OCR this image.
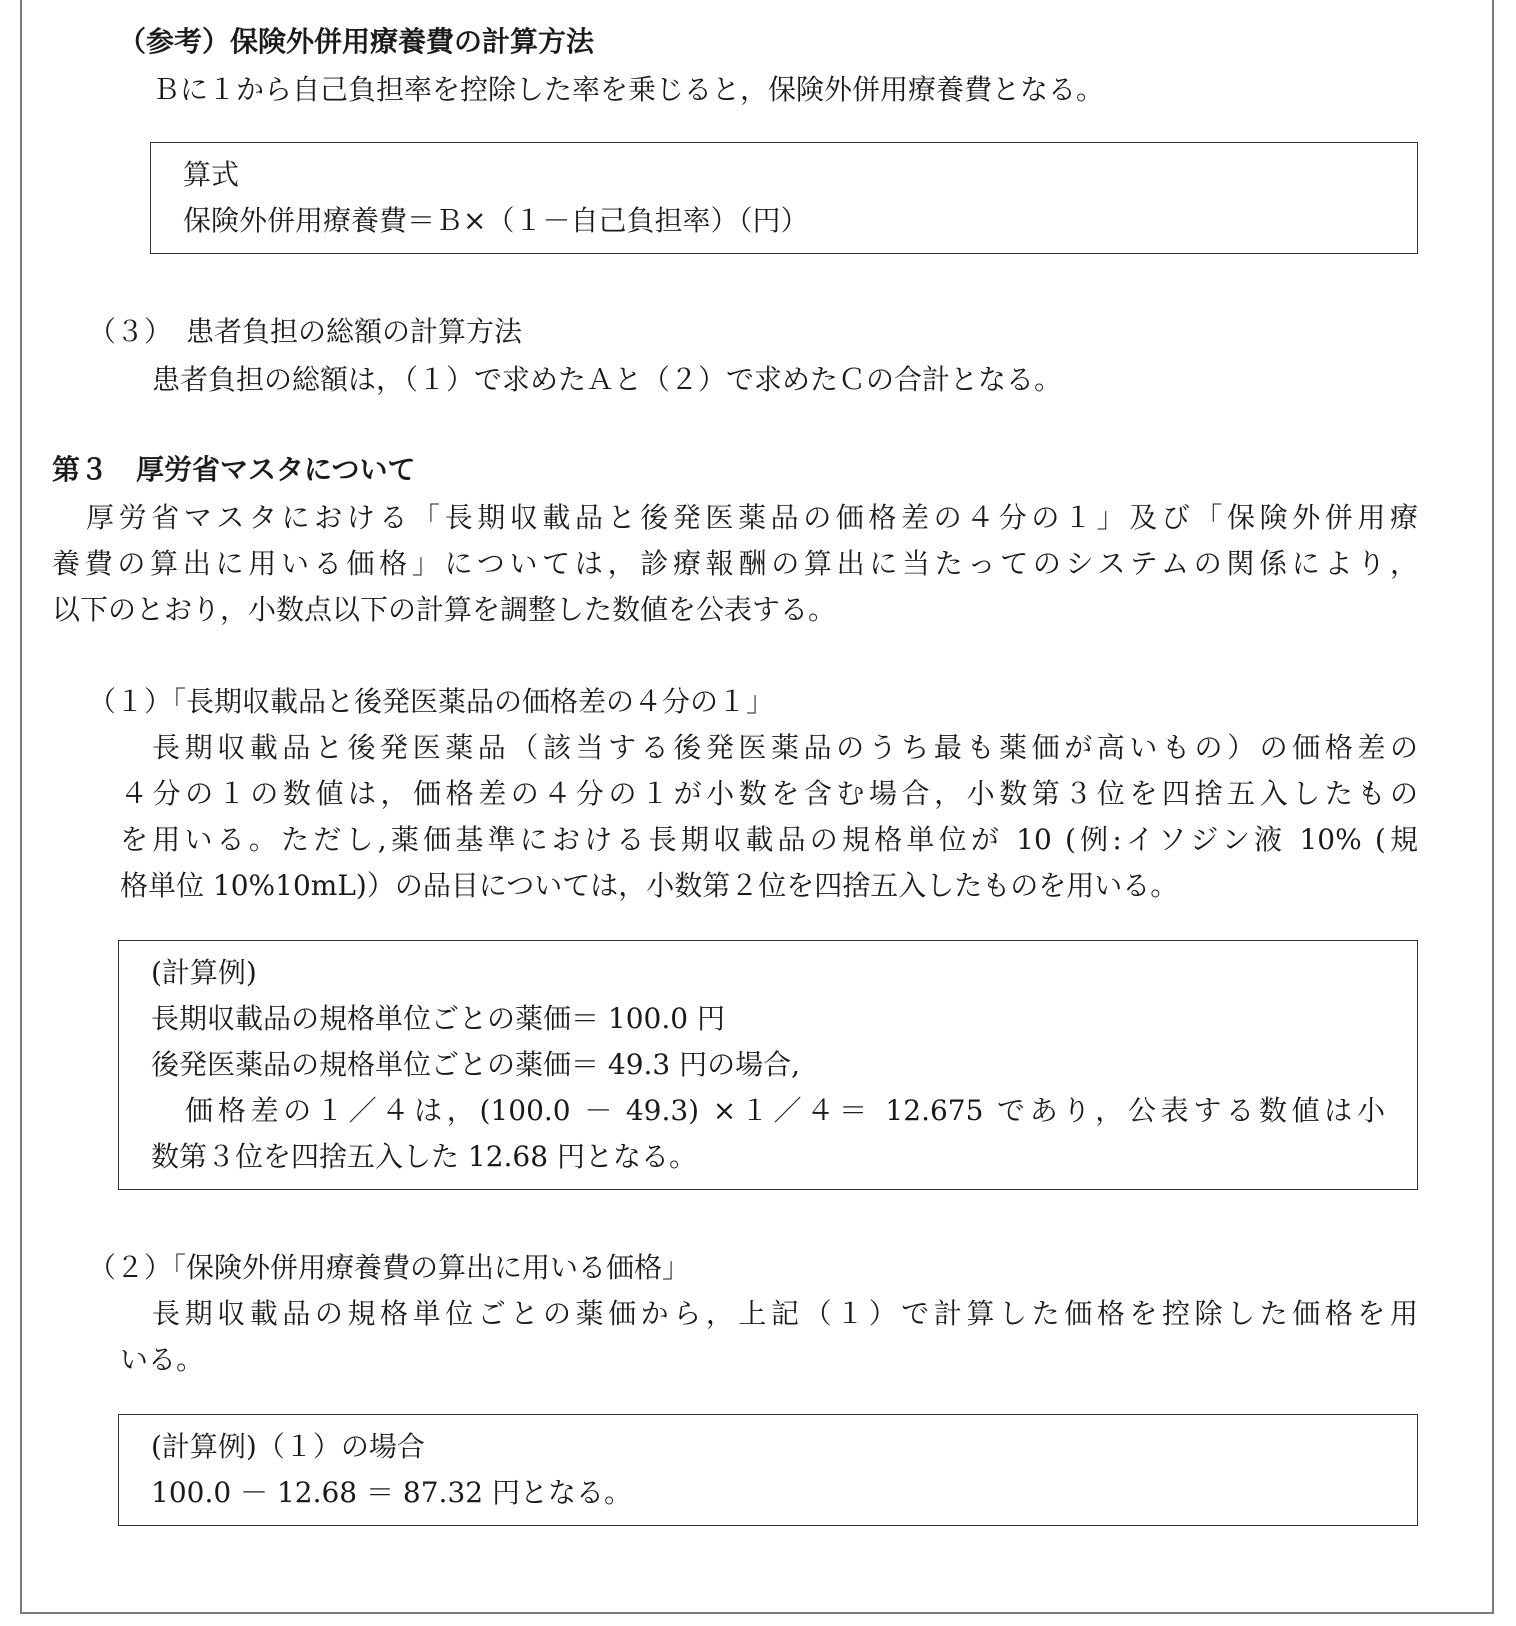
（参考）保険外併用療養費の計算方法
Ｂに１から自己負担率を控除した率を乗じると，保険外併用療養費となる。
算式
保険外併用療養費＝Ｂ×（１－自己負担率）（円）
（３）　患者負担の総額の計算方法
患者負担の総額は，（１）で求めたＡと（２）で求めたＣの合計となる。
第３　厚労省マスタについて
厚労省マスタにおける「長期収載品と後発医薬品の価格差の４分の１」及び「保険外併用療
養費の算出に用いる価格」については，診療報酬の算出に当たってのシステムの関係により，
以下のとおり，小数点以下の計算を調整した数値を公表する。
（１）「長期収載品と後発医薬品の価格差の４分の１」
長期収載品と後発医薬品（該当する後発医薬品のうち最も薬価が高いもの）の価格差の
４分の１の数値は，価格差の４分の１が小数を含む場合，小数第３位を四捨五入したもの
を用いる。ただし,薬価基準における長期収載品の規格単位が 10 (例:イソジン液 10% (規
格単位 10%10mL)）の品目については，小数第２位を四捨五入したものを用いる。
(計算例)
長期収載品の規格単位ごとの薬価＝ 100.0 円
後発医薬品の規格単位ごとの薬価＝ 49.3 円の場合,
価格差の１／４は，(100.0 － 49.3) ×１／４＝ 12.675 であり，公表する数値は小
数第３位を四捨五入した 12.68 円となる。
（２）「保険外併用療養費の算出に用いる価格」
長期収載品の規格単位ごとの薬価から，上記（１）で計算した価格を控除した価格を用
いる。
(計算例)（１）の場合
100.0 － 12.68 ＝ 87.32 円となる。
